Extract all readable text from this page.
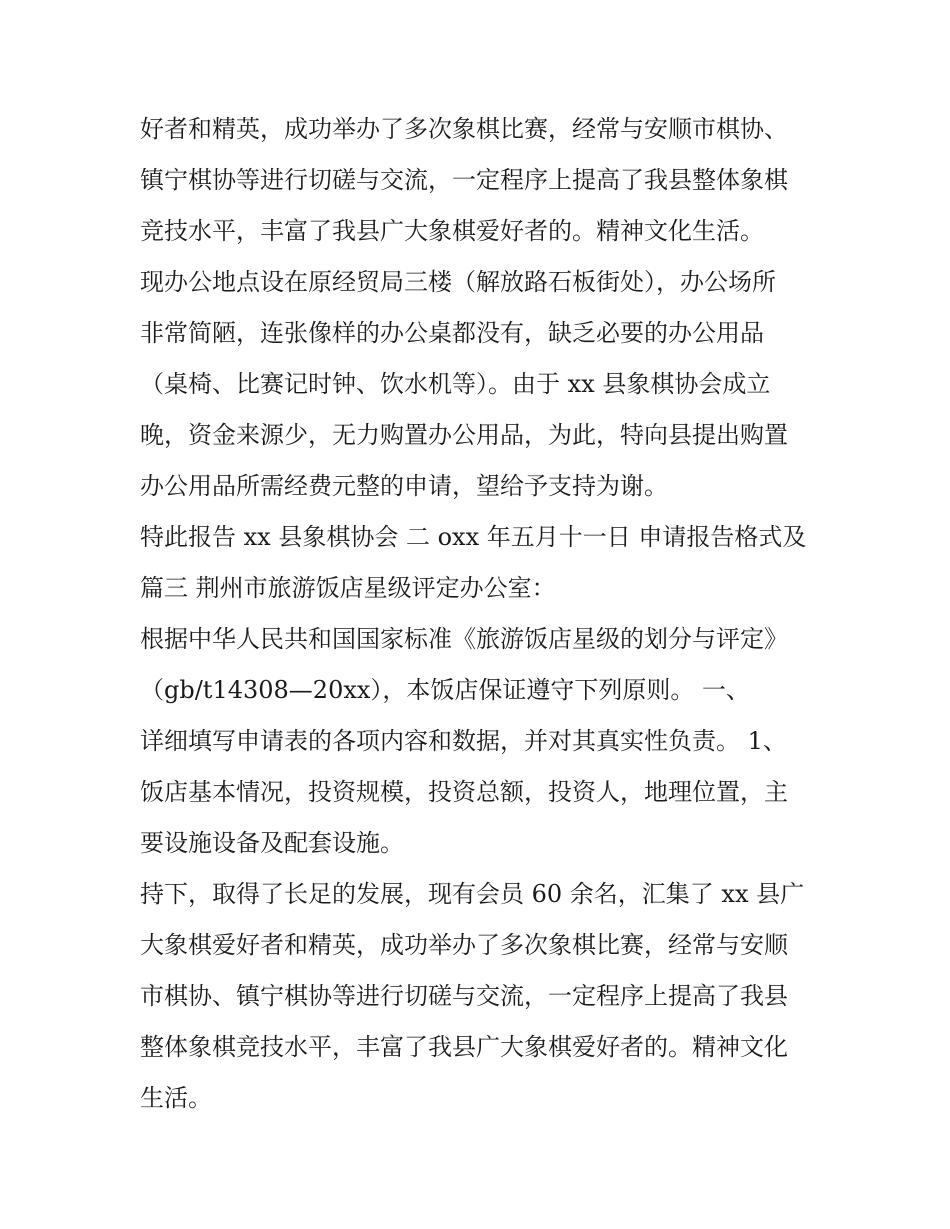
好者和精英，成功举办了多次象棋比赛，经常与安顺市棋协、
镇宁棋协等进行切磋与交流，一定程序上提高了我县整体象棋
竞技水平，丰富了我县广大象棋爱好者的。精神文化生活。
现办公地点设在原经贸局三楼（解放路石板街处），办公场所
非常简陋，连张像样的办公桌都没有，缺乏必要的办公用品
（桌椅、比赛记时钟、饮水机等）。由于 xx 县象棋协会成立
晚，资金来源少，无力购置办公用品，为此，特向县提出购置
办公用品所需经费元整的申请，望给予支持为谢。
特此报告 xx 县象棋协会 二 oxx 年五月十一日 申请报告格式及
篇三 荆州市旅游饭店星级评定办公室：
根据中华人民共和国国家标准《旅游饭店星级的划分与评定》
（gb/t14308—20xx），本饭店保证遵守下列原则。 一、
详细填写申请表的各项内容和数据，并对其真实性负责。 1、
饭店基本情况，投资规模，投资总额，投资人，地理位置，主
要设施设备及配套设施。
持下，取得了长足的发展，现有会员 60 余名，汇集了 xx 县广
大象棋爱好者和精英，成功举办了多次象棋比赛，经常与安顺
市棋协、镇宁棋协等进行切磋与交流，一定程序上提高了我县
整体象棋竞技水平，丰富了我县广大象棋爱好者的。精神文化
生活。
